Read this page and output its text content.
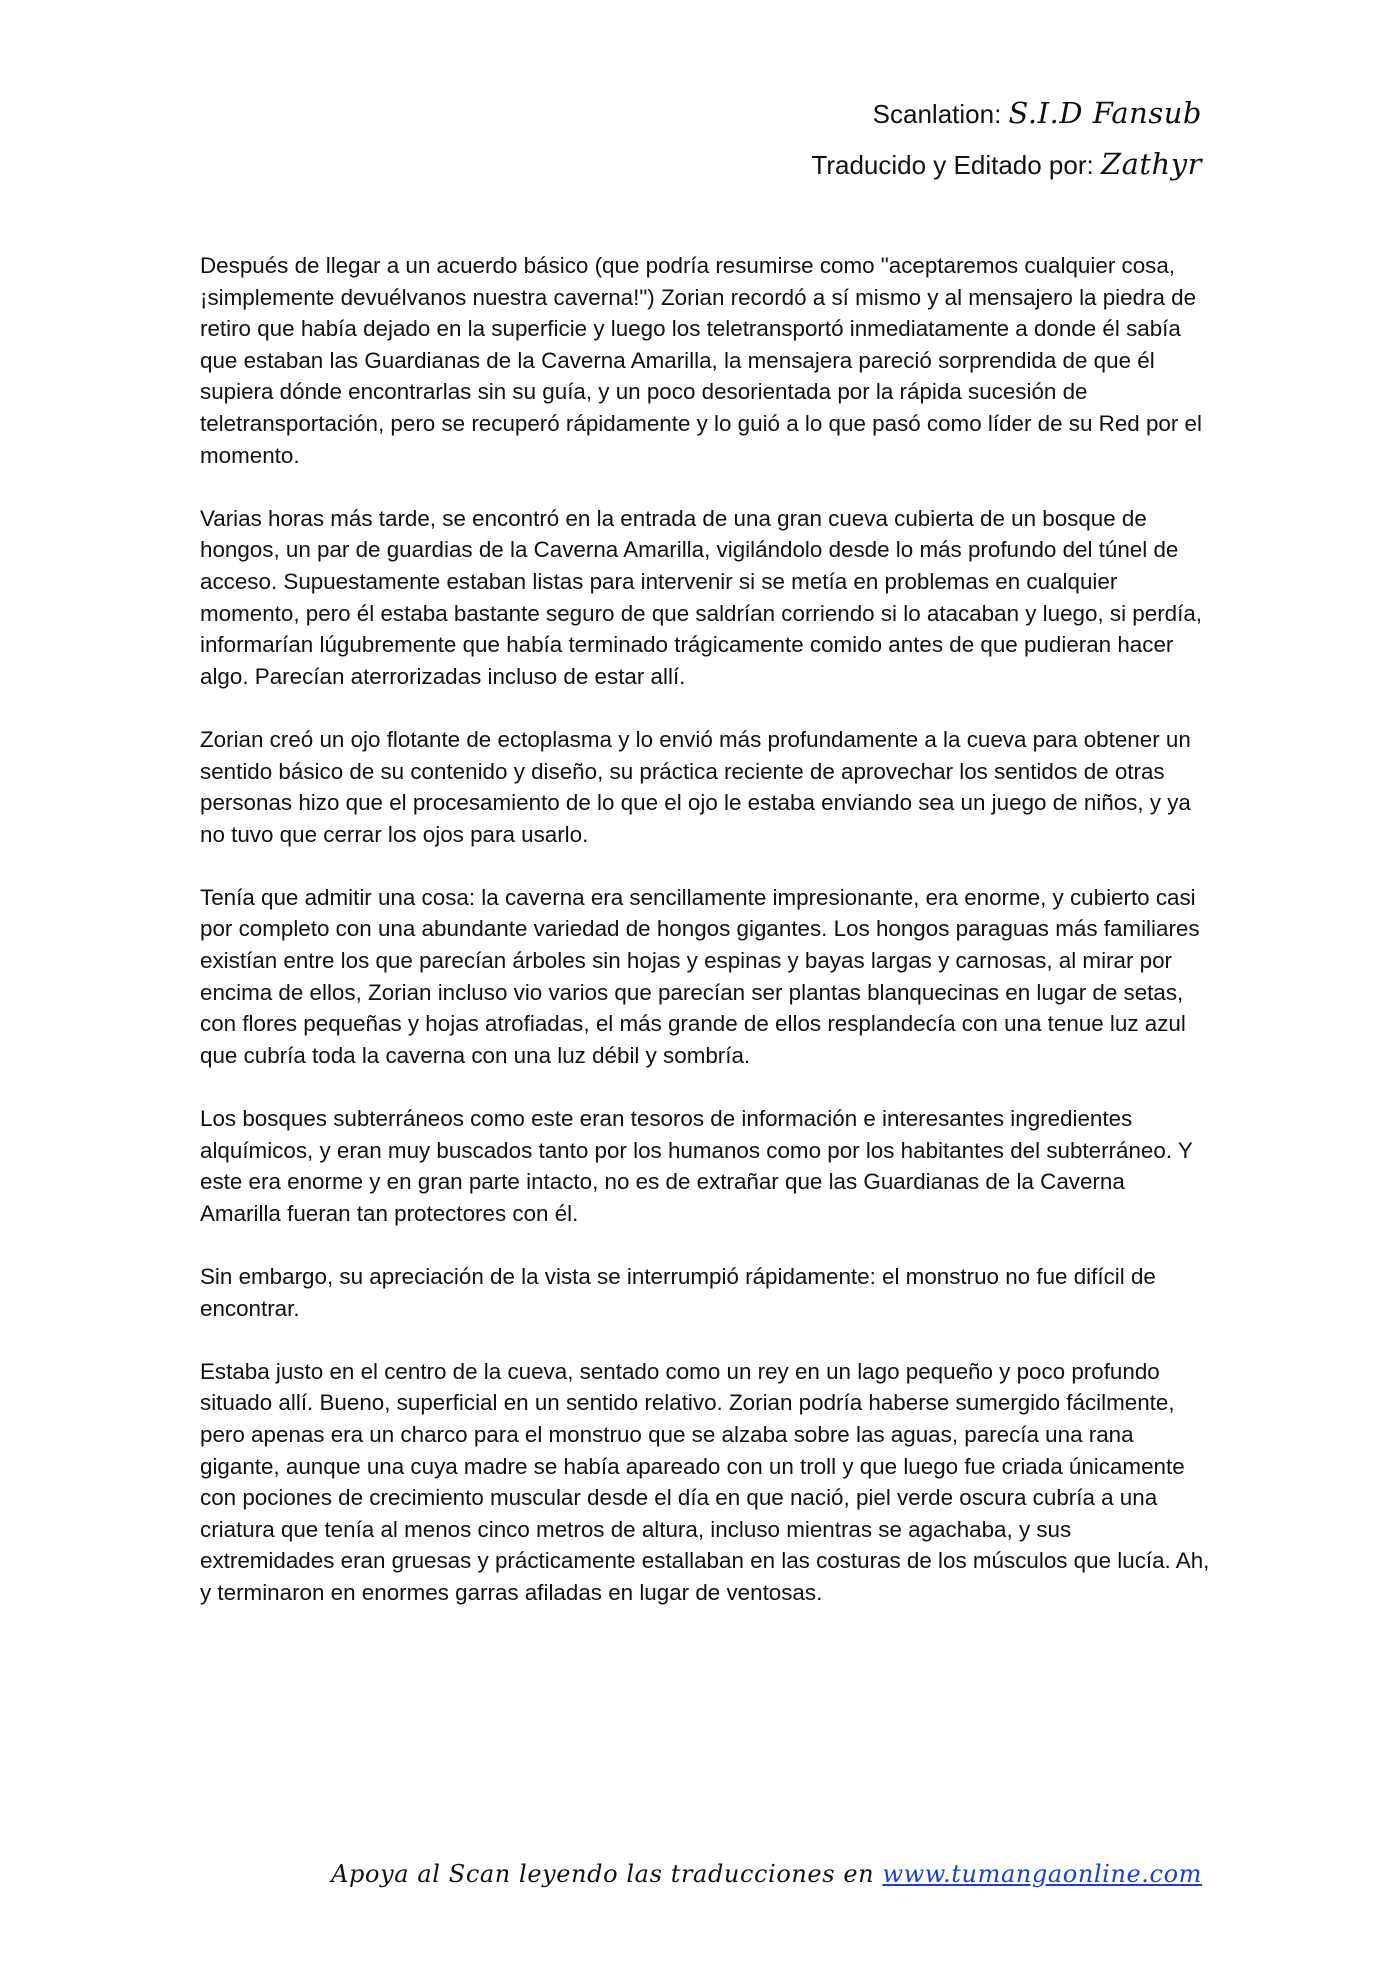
Scanlation: S.I.D Fansub
Traducido y Editado por: Zathyr

Después de llegar a un acuerdo básico (que podría resumirse como "aceptaremos cualquier cosa, ¡simplemente devuélvanos nuestra caverna!") Zorian recordó a sí mismo y al mensajero la piedra de retiro que había dejado en la superficie y luego los teletransportó inmediatamente a donde él sabía que estaban las Guardianas de la Caverna Amarilla, la mensajera pareció sorprendida de que él supiera dónde encontrarlas sin su guía, y un poco desorientada por la rápida sucesión de teletransportación, pero se recuperó rápidamente y lo guió a lo que pasó como líder de su Red por el momento.

Varias horas más tarde, se encontró en la entrada de una gran cueva cubierta de un bosque de hongos, un par de guardias de la Caverna Amarilla, vigilándolo desde lo más profundo del túnel de acceso. Supuestamente estaban listas para intervenir si se metía en problemas en cualquier momento, pero él estaba bastante seguro de que saldrían corriendo si lo atacaban y luego, si perdía, informarían lúgubremente que había terminado trágicamente comido antes de que pudieran hacer algo. Parecían aterrorizadas incluso de estar allí.

Zorian creó un ojo flotante de ectoplasma y lo envió más profundamente a la cueva para obtener un sentido básico de su contenido y diseño, su práctica reciente de aprovechar los sentidos de otras personas hizo que el procesamiento de lo que el ojo le estaba enviando sea un juego de niños, y ya no tuvo que cerrar los ojos para usarlo.

Tenía que admitir una cosa: la caverna era sencillamente impresionante, era enorme, y cubierto casi por completo con una abundante variedad de hongos gigantes. Los hongos paraguas más familiares existían entre los que parecían árboles sin hojas y espinas y bayas largas y carnosas, al mirar por encima de ellos, Zorian incluso vio varios que parecían ser plantas blanquecinas en lugar de setas, con flores pequeñas y hojas atrofiadas, el más grande de ellos resplandecía con una tenue luz azul que cubría toda la caverna con una luz débil y sombría.

Los bosques subterráneos como este eran tesoros de información e interesantes ingredientes alquímicos, y eran muy buscados tanto por los humanos como por los habitantes del subterráneo. Y este era enorme y en gran parte intacto, no es de extrañar que las Guardianas de la Caverna Amarilla fueran tan protectores con él.

Sin embargo, su apreciación de la vista se interrumpió rápidamente: el monstruo no fue difícil de encontrar.

Estaba justo en el centro de la cueva, sentado como un rey en un lago pequeño y poco profundo situado allí. Bueno, superficial en un sentido relativo. Zorian podría haberse sumergido fácilmente, pero apenas era un charco para el monstruo que se alzaba sobre las aguas, parecía una rana gigante, aunque una cuya madre se había apareado con un troll y que luego fue criada únicamente con pociones de crecimiento muscular desde el día en que nació, piel verde oscura cubría a una criatura que tenía al menos cinco metros de altura, incluso mientras se agachaba, y sus extremidades eran gruesas y prácticamente estallaban en las costuras de los músculos que lucía. Ah, y terminaron en enormes garras afiladas en lugar de ventosas.

Apoya al Scan leyendo las traducciones en www.tumangaonline.com
